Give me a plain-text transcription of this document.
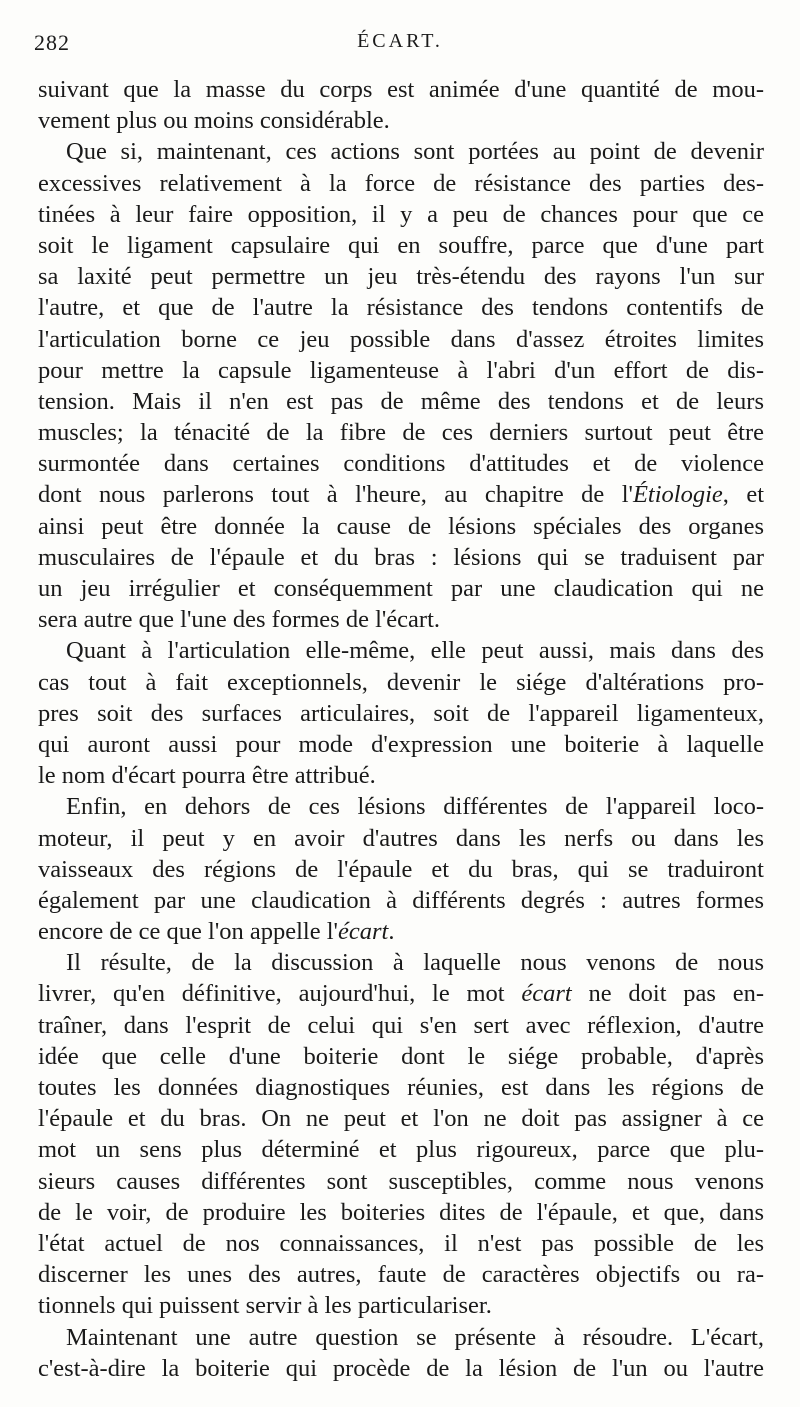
282	ÉCART.
suivant que la masse du corps est animée d'une quantité de mou-
vement plus ou moins considérable.
Que si, maintenant, ces actions sont portées au point de devenir
excessives relativement à la force de résistance des parties des-
tinées à leur faire opposition, il y a peu de chances pour que ce
soit le ligament capsulaire qui en souffre, parce que d'une part
sa laxité peut permettre un jeu très-étendu des rayons l'un sur
l'autre, et que de l'autre la résistance des tendons contentifs de
l'articulation borne ce jeu possible dans d'assez étroites limites
pour mettre la capsule ligamenteuse à l'abri d'un effort de dis-
tension. Mais il n'en est pas de même des tendons et de leurs
muscles; la ténacité de la fibre de ces derniers surtout peut être
surmontée dans certaines conditions d'attitudes et de violence
dont nous parlerons tout à l'heure, au chapitre de l'Étiologie, et
ainsi peut être donnée la cause de lésions spéciales des organes
musculaires de l'épaule et du bras : lésions qui se traduisent par
un jeu irrégulier et conséquemment par une claudication qui ne
sera autre que l'une des formes de l'écart.
Quant à l'articulation elle-même, elle peut aussi, mais dans des
cas tout à fait exceptionnels, devenir le siége d'altérations pro-
pres soit des surfaces articulaires, soit de l'appareil ligamenteux,
qui auront aussi pour mode d'expression une boiterie à laquelle
le nom d'écart pourra être attribué.
Enfin, en dehors de ces lésions différentes de l'appareil loco-
moteur, il peut y en avoir d'autres dans les nerfs ou dans les
vaisseaux des régions de l'épaule et du bras, qui se traduiront
également par une claudication à différents degrés : autres formes
encore de ce que l'on appelle l'écart.
Il résulte, de la discussion à laquelle nous venons de nous
livrer, qu'en définitive, aujourd'hui, le mot écart ne doit pas en-
traîner, dans l'esprit de celui qui s'en sert avec réflexion, d'autre
idée que celle d'une boiterie dont le siége probable, d'après
toutes les données diagnostiques réunies, est dans les régions de
l'épaule et du bras. On ne peut et l'on ne doit pas assigner à ce
mot un sens plus déterminé et plus rigoureux, parce que plu-
sieurs causes différentes sont susceptibles, comme nous venons
de le voir, de produire les boiteries dites de l'épaule, et que, dans
l'état actuel de nos connaissances, il n'est pas possible de les
discerner les unes des autres, faute de caractères objectifs ou ra-
tionnels qui puissent servir à les particulariser.
Maintenant une autre question se présente à résoudre. L'écart,
c'est-à-dire la boiterie qui procède de la lésion de l'un ou l'autre
